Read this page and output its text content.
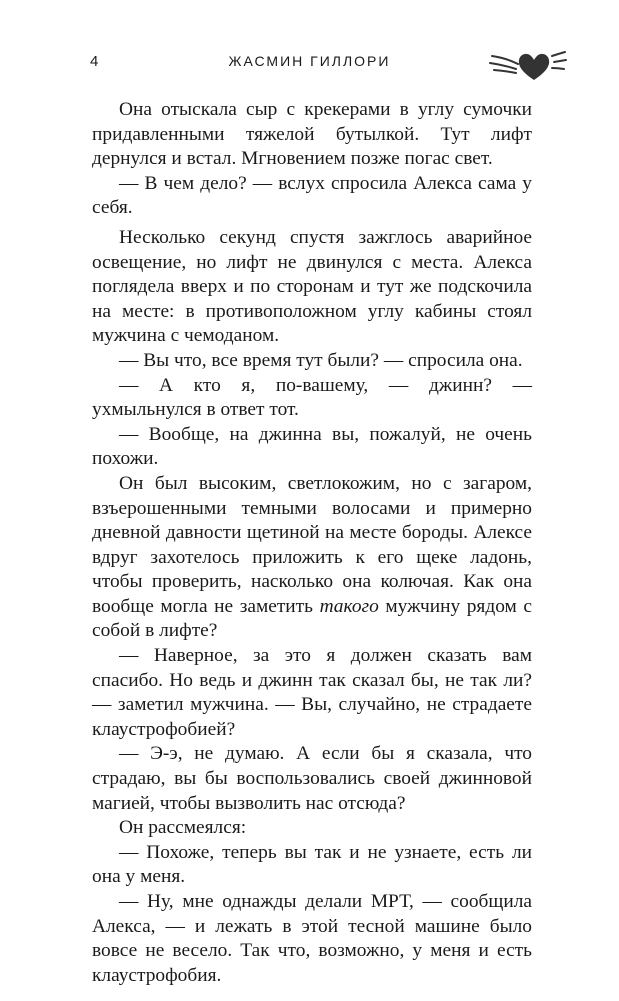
4	ЖАСМИН ГИЛЛОРИ

Она отыскала сыр с крекерами в углу сумочки придавленными тяжелой бутылкой. Тут лифт дернулся и встал. Мгновением позже погас свет.

— В чем дело? — вслух спросила Алекса сама у себя.

Несколько секунд спустя зажглось аварийное освещение, но лифт не двинулся с места. Алекса поглядела вверх и по сторонам и тут же подскочила на месте: в противоположном углу кабины стоял мужчина с чемоданом.

— Вы что, все время тут были? — спросила она.

— А кто я, по-вашему, — джинн? — ухмыльнулся в ответ тот.

— Вообще, на джинна вы, пожалуй, не очень похожи.

Он был высоким, светлокожим, но с загаром, взъерошенными темными волосами и примерно дневной давности щетиной на месте бороды. Алексе вдруг захотелось приложить к его щеке ладонь, чтобы проверить, насколько она колючая. Как она вообще могла не заметить такого мужчину рядом с собой в лифте?

— Наверное, за это я должен сказать вам спасибо. Но ведь и джинн так сказал бы, не так ли? — заметил мужчина. — Вы, случайно, не страдаете клаустрофобией?

— Э-э, не думаю. А если бы я сказала, что страдаю, вы бы воспользовались своей джинновой магией, чтобы вызволить нас отсюда?

Он рассмеялся:

— Похоже, теперь вы так и не узнаете, есть ли она у меня.

— Ну, мне однажды делали МРТ, — сообщила Алекса, — и лежать в этой тесной машине было вовсе не весело. Так что, возможно, у меня и есть клаустрофобия.
